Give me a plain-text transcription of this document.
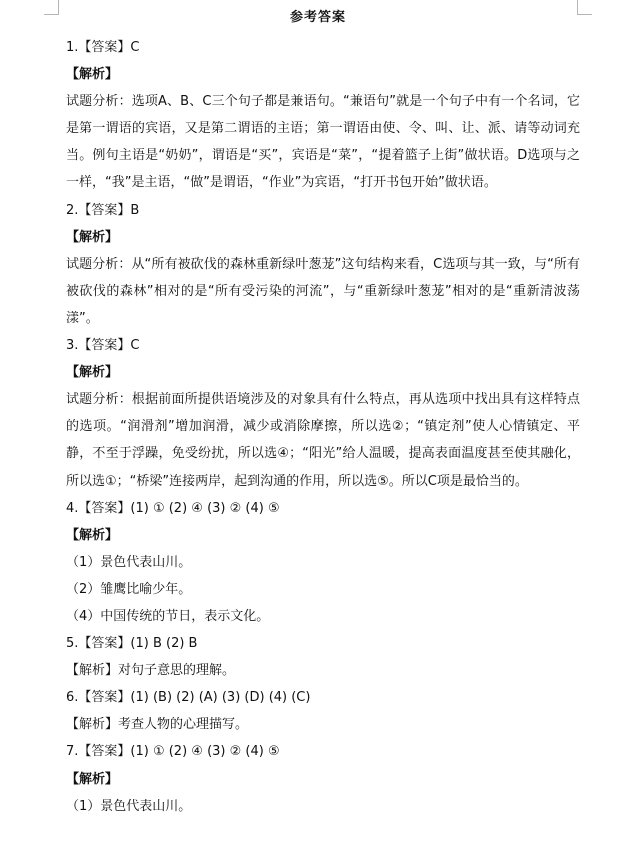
参考答案
1.【答案】C
【解析】
试题分析：选项A、B、C三个句子都是兼语句。“兼语句”就是一个句子中有一个名词，它是第一谓语的宾语，又是第二谓语的主语；第一谓语由使、令、叫、让、派、请等动词充当。例句主语是“奶奶”，谓语是“买”，宾语是“菜”，“提着篮子上街”做状语。D选项与之一样，“我”是主语，“做”是谓语，“作业”为宾语，“打开书包开始”做状语。
2.【答案】B
【解析】
试题分析：从“所有被砍伐的森林重新绿叶葱茏”这句结构来看，C选项与其一致，与“所有被砍伐的森林”相对的是“所有受污染的河流”，与“重新绿叶葱茏”相对的是“重新清波荡漾”。
3.【答案】C
【解析】
试题分析：根据前面所提供语境涉及的对象具有什么特点，再从选项中找出具有这样特点的选项。“润滑剂”增加润滑，减少或消除摩擦，所以选②；“镇定剂”使人心情镇定、平静，不至于浮躁，免受纷扰，所以选④；“阳光”给人温暖，提高表面温度甚至使其融化，所以选①；“桥梁”连接两岸，起到沟通的作用，所以选⑤。所以C项是最恰当的。
4.【答案】(1) ① (2) ④ (3) ② (4) ⑤
【解析】
（1）景色代表山川。
（2）雏鹰比喻少年。
（4）中国传统的节日，表示文化。
5.【答案】(1) B (2) B
【解析】对句子意思的理解。
6.【答案】(1) (B) (2) (A) (3) (D) (4) (C)
【解析】考查人物的心理描写。
7.【答案】(1) ① (2) ④ (3) ② (4) ⑤
【解析】
（1）景色代表山川。
